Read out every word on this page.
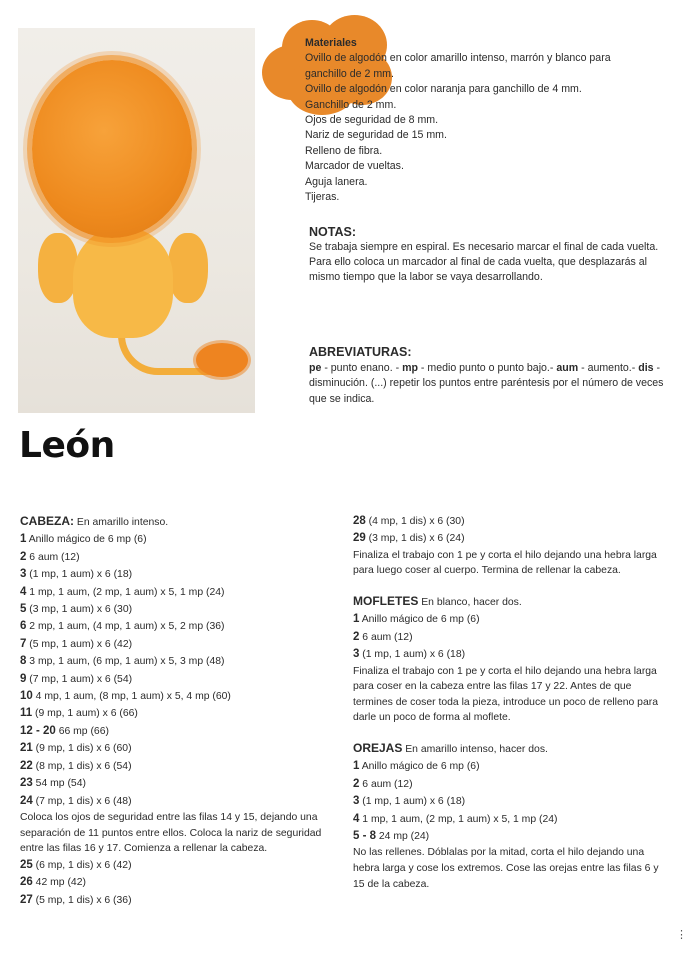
Materiales
Ovillo de algodón en color amarillo intenso, marrón y blanco para
ganchillo de 2 mm.
Ovillo de algodón en color naranja para ganchillo de 4 mm.
Ganchillo de 2 mm.
Ojos de seguridad de 8 mm.
Nariz de seguridad de 15 mm.
Relleno de fibra.
Marcador de vueltas.
Aguja lanera.
Tijeras.
NOTAS:
Se trabaja siempre en espiral. Es necesario marcar el final de cada vuelta. Para ello coloca un marcador al final de cada vuelta, que desplazarás al mismo tiempo que la labor se vaya desarrollando.
ABREVIATURAS:
pe - punto enano. - mp - medio punto o punto bajo.- aum - aumento.- dis - disminución. (...) repetir los puntos entre paréntesis por el número de veces que se indica.
León
CABEZA: En amarillo intenso.
1 Anillo mágico de 6 mp (6)
2 6 aum (12)
3 (1 mp, 1 aum) x 6 (18)
4 1 mp, 1 aum, (2 mp, 1 aum) x 5, 1 mp (24)
5 (3 mp, 1 aum) x 6 (30)
6 2 mp, 1 aum, (4 mp, 1 aum) x 5, 2 mp (36)
7 (5 mp, 1 aum) x 6 (42)
8 3 mp, 1 aum, (6 mp, 1 aum) x 5, 3 mp (48)
9 (7 mp, 1 aum) x 6 (54)
10 4 mp, 1 aum, (8 mp, 1 aum) x 5, 4 mp (60)
11 (9 mp, 1 aum) x 6 (66)
12 - 20 66 mp (66)
21 (9 mp, 1 dis) x 6 (60)
22 (8 mp, 1 dis) x 6 (54)
23 54 mp (54)
24 (7 mp, 1 dis) x 6 (48)
Coloca los ojos de seguridad entre las filas 14 y 15, dejando una separación de 11 puntos entre ellos. Coloca la nariz de seguridad entre las filas 16 y 17. Comienza a rellenar la cabeza.
25 (6 mp, 1 dis) x 6 (42)
26 42 mp (42)
27 (5 mp, 1 dis) x 6 (36)
28 (4 mp, 1 dis) x 6 (30)
29 (3 mp, 1 dis) x 6 (24)
Finaliza el trabajo con 1 pe y corta el hilo dejando una hebra larga para luego coser al cuerpo. Termina de rellenar la cabeza.
MOFLETES En blanco, hacer dos.
1 Anillo mágico de 6 mp (6)
2 6 aum (12)
3 (1 mp, 1 aum) x 6 (18)
Finaliza el trabajo con 1 pe y corta el hilo dejando una hebra larga para coser en la cabeza entre las filas 17 y 22. Antes de que termines de coser toda la pieza, introduce un poco de relleno para darle un poco de forma al moflete.
OREJAS En amarillo intenso, hacer dos.
1 Anillo mágico de 6 mp (6)
2 6 aum (12)
3 (1 mp, 1 aum) x 6 (18)
4 1 mp, 1 aum, (2 mp, 1 aum) x 5, 1 mp (24)
5 - 8 24 mp (24)
No las rellenes. Dóblalas por la mitad, corta el hilo dejando una hebra larga y cose los extremos. Cose las orejas entre las filas 6 y 15 de la cabeza.
⋮
